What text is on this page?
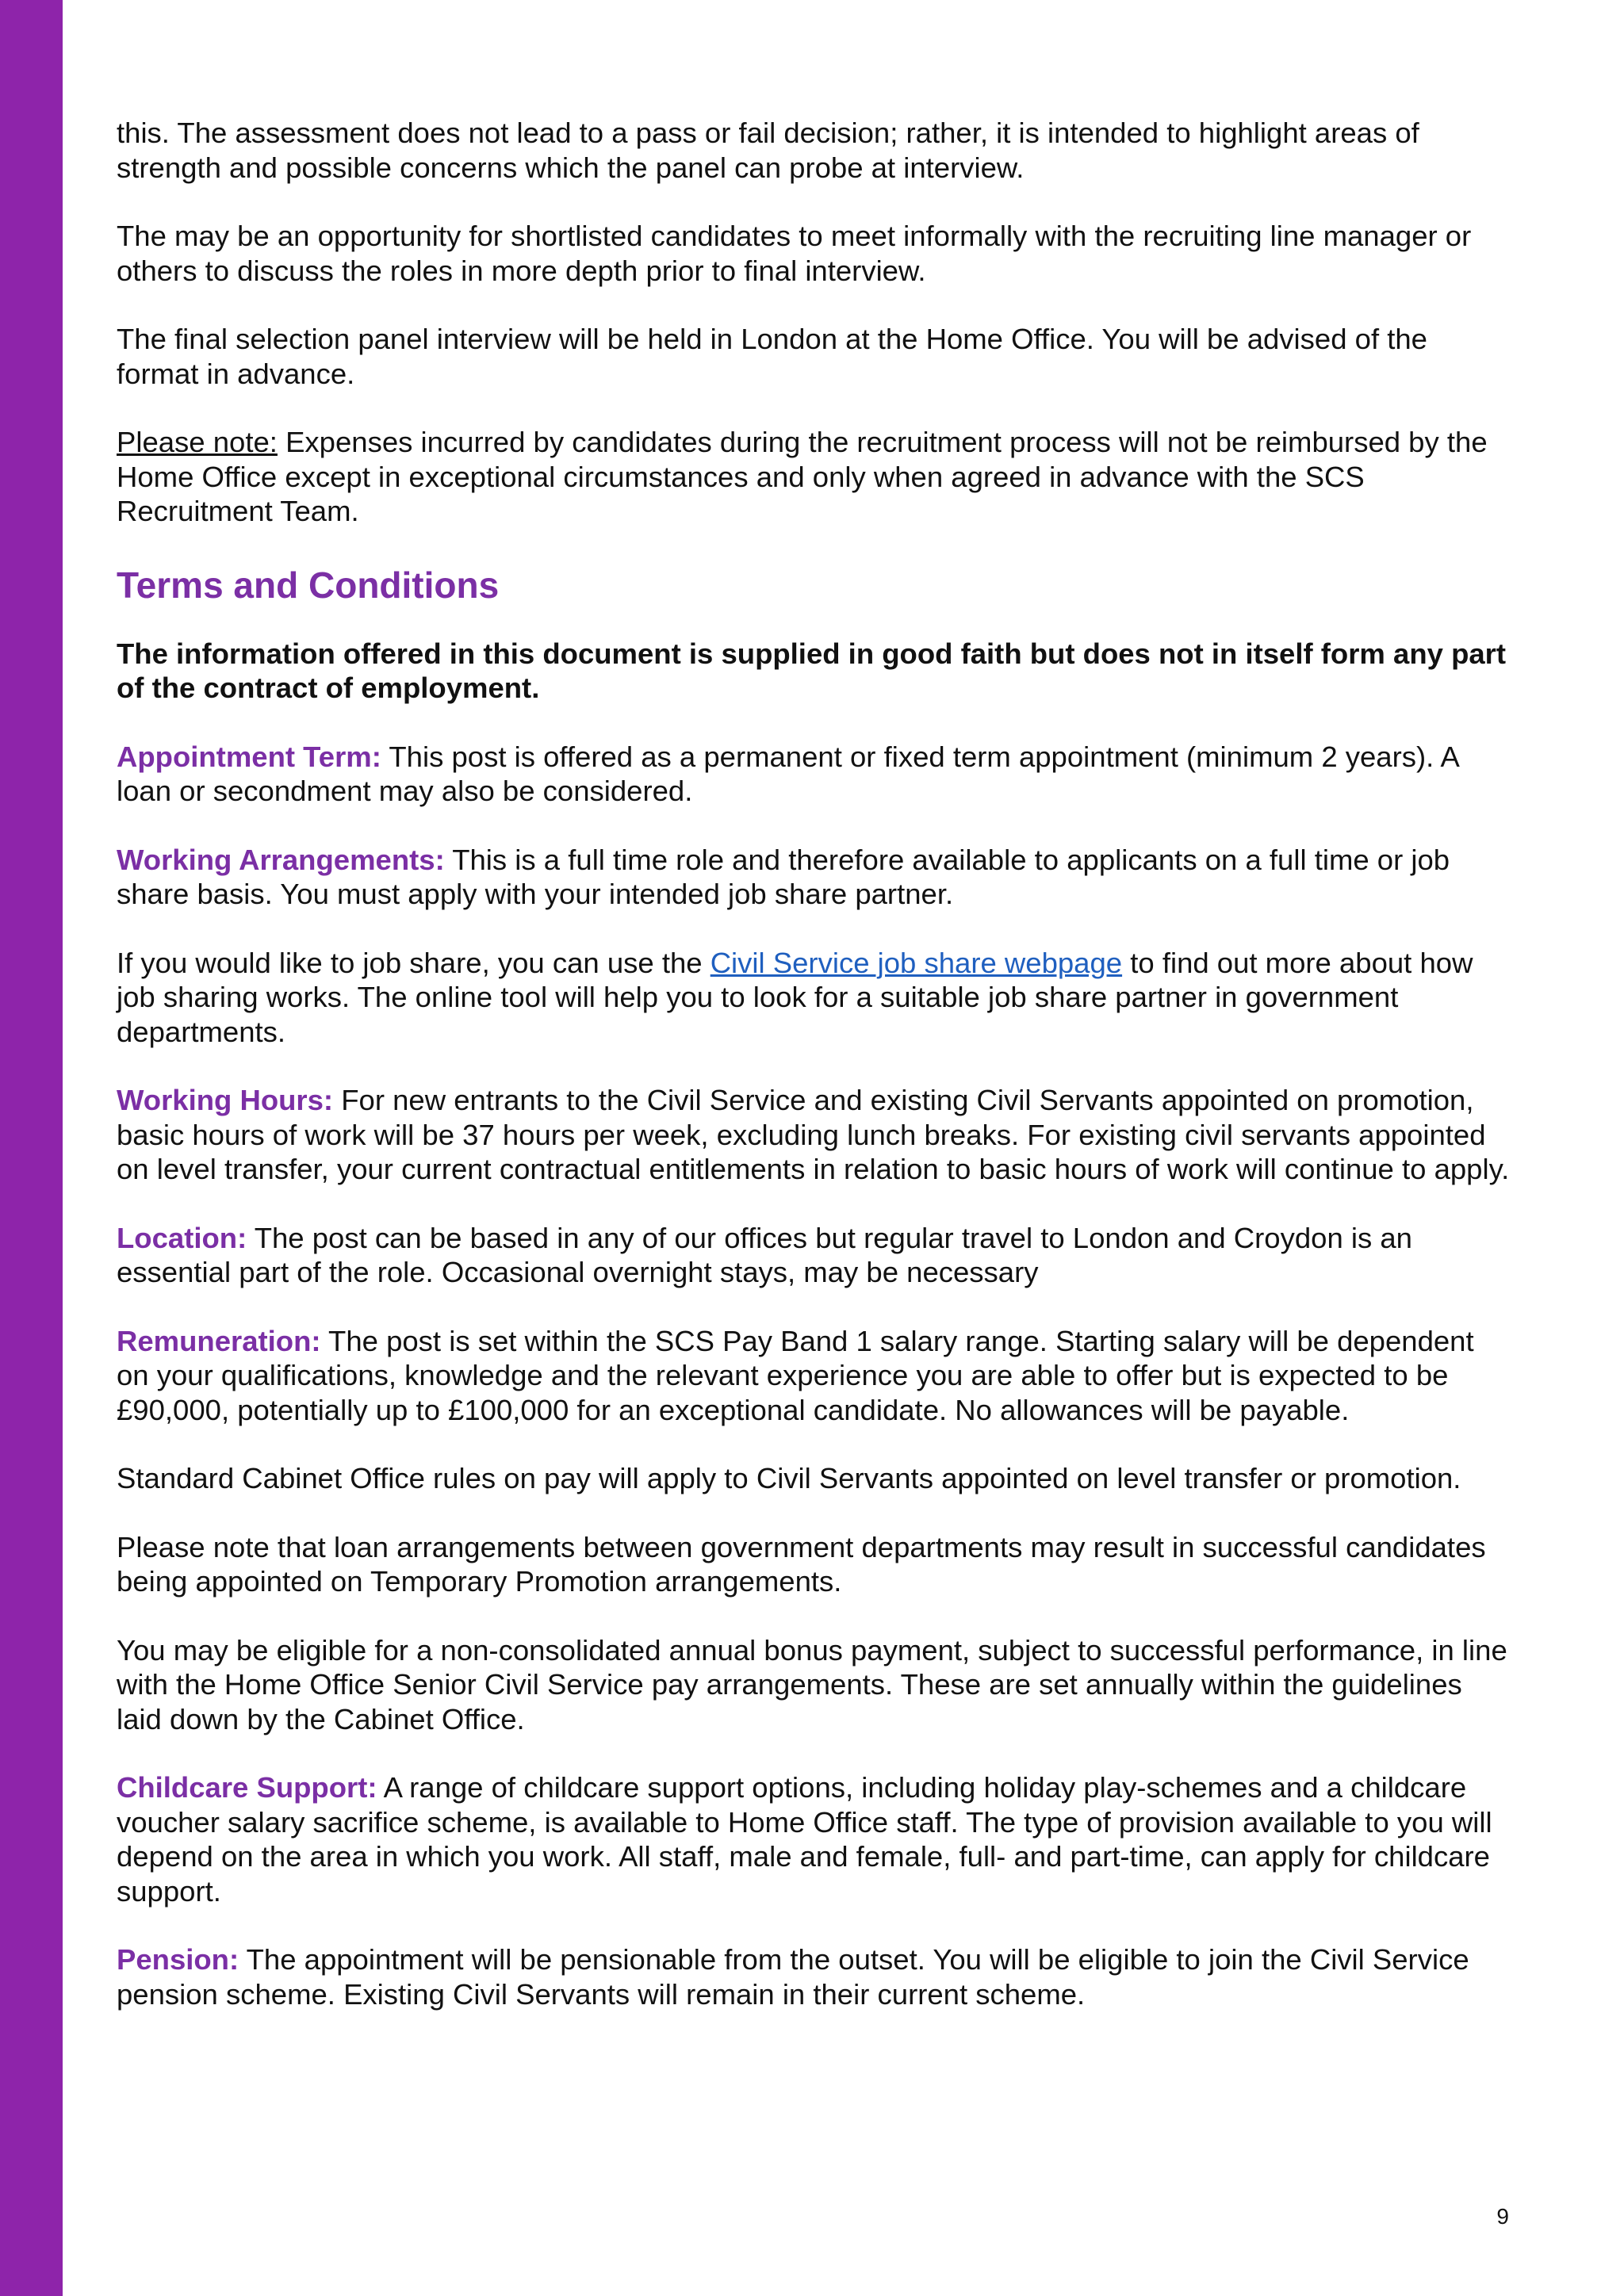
this. The assessment does not lead to a pass or fail decision; rather, it is intended to highlight areas of strength and possible concerns which the panel can probe at interview.

The may be an opportunity for shortlisted candidates to meet informally with the recruiting line manager or others to discuss the roles in more depth prior to final interview.

The final selection panel interview will be held in London at the Home Office. You will be advised of the format in advance.

Please note: Expenses incurred by candidates during the recruitment process will not be reimbursed by the Home Office except in exceptional circumstances and only when agreed in advance with the SCS Recruitment Team.

Terms and Conditions

The information offered in this document is supplied in good faith but does not in itself form any part of the contract of employment.

Appointment Term: This post is offered as a permanent or fixed term appointment (minimum 2 years). A loan or secondment may also be considered.

Working Arrangements: This is a full time role and therefore available to applicants on a full time or job share basis. You must apply with your intended job share partner.

If you would like to job share, you can use the Civil Service job share webpage to find out more about how job sharing works. The online tool will help you to look for a suitable job share partner in government departments.

Working Hours: For new entrants to the Civil Service and existing Civil Servants appointed on promotion, basic hours of work will be 37 hours per week, excluding lunch breaks. For existing civil servants appointed on level transfer, your current contractual entitlements in relation to basic hours of work will continue to apply.

Location: The post can be based in any of our offices but regular travel to London and Croydon is an essential part of the role. Occasional overnight stays, may be necessary

Remuneration: The post is set within the SCS Pay Band 1 salary range. Starting salary will be dependent on your qualifications, knowledge and the relevant experience you are able to offer but is expected to be £90,000, potentially up to £100,000 for an exceptional candidate. No allowances will be payable.

Standard Cabinet Office rules on pay will apply to Civil Servants appointed on level transfer or promotion.

Please note that loan arrangements between government departments may result in successful candidates being appointed on Temporary Promotion arrangements.

You may be eligible for a non-consolidated annual bonus payment, subject to successful performance, in line with the Home Office Senior Civil Service pay arrangements. These are set annually within the guidelines laid down by the Cabinet Office.

Childcare Support: A range of childcare support options, including holiday play-schemes and a childcare voucher salary sacrifice scheme, is available to Home Office staff. The type of provision available to you will depend on the area in which you work. All staff, male and female, full- and part-time, can apply for childcare support.

Pension: The appointment will be pensionable from the outset. You will be eligible to join the Civil Service pension scheme. Existing Civil Servants will remain in their current scheme.

9
